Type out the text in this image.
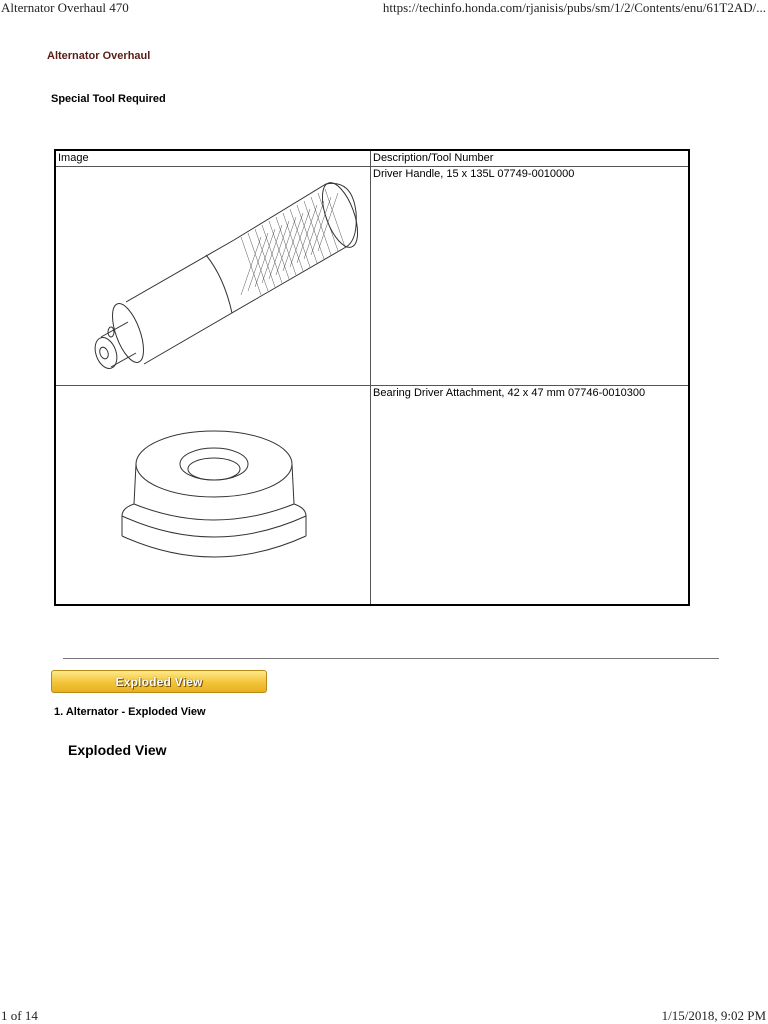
Alternator Overhaul 470	https://techinfo.honda.com/rjanisis/pubs/sm/1/2/Contents/enu/61T2AD/...
Alternator Overhaul
Special Tool Required
Image	Description/Tool Number

	Driver Handle, 15 x 135L 07749-0010000

	Bearing Driver Attachment, 42 x 47 mm 07746-0010300
Exploded View
1. Alternator - Exploded View
Exploded View
1 of 14	1/15/2018, 9:02 PM
